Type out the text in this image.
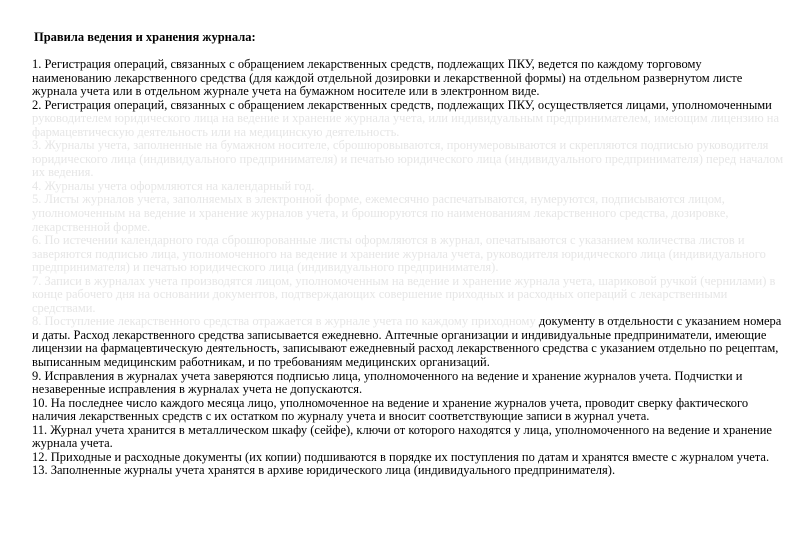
Правила ведения и хранения журнала:

1. Регистрация операций, связанных с обращением лекарственных средств, подлежащих ПКУ, ведется по каждому торговому наименованию лекарственного средства (для каждой отдельной дозировки и лекарственной формы) на отдельном развернутом листе журнала учета или в отдельном журнале учета на бумажном носителе или в электронном виде.

2. Регистрация операций, связанных с обращением лекарственных средств, подлежащих ПКУ, осуществляется лицами, уполномоченными руководителем юридического лица на ведение и хранение журнала учета, или индивидуальным предпринимателем, имеющим лицензию на фармацевтическую деятельность или на медицинскую деятельность.

3. Журналы учета, заполненные на бумажном носителе, сброшюровываются, пронумеровываются и скрепляются подписью руководителя юридического лица (индивидуального предпринимателя) и печатью юридического лица (индивидуального предпринимателя) перед началом их ведения.

4. Журналы учета оформляются на календарный год.

5. Листы журналов учета, заполняемых в электронной форме, ежемесячно распечатываются, нумеруются, подписываются лицом, уполномоченным на ведение и хранение журналов учета, и брошюруются по наименованиям лекарственного средства, дозировке, лекарственной форме.

6. По истечении календарного года сброшюрованные листы оформляются в журнал, опечатываются с указанием количества листов и заверяются подписью лица, уполномоченного на ведение и хранение журнала учета, руководителя юридического лица (индивидуального предпринимателя) и печатью юридического лица (индивидуального предпринимателя).

7. Записи в журналах учета производятся лицом, уполномоченным на ведение и хранение журнала учета, шариковой ручкой (чернилами) в конце рабочего дня на основании документов, подтверждающих совершение приходных и расходных операций с лекарственными средствами.

8. Поступление лекарственного средства отражается в журнале учета по каждому приходному документу в отдельности с указанием номера и даты. Расход лекарственного средства записывается ежедневно. Аптечные организации и индивидуальные предприниматели, имеющие лицензии на фармацевтическую деятельность, записывают ежедневный расход лекарственного средства с указанием отдельно по рецептам, выписанным медицинским работникам, и по требованиям медицинских организаций.

9. Исправления в журналах учета заверяются подписью лица, уполномоченного на ведение и хранение журналов учета. Подчистки и незаверенные исправления в журналах учета не допускаются.

10. На последнее число каждого месяца лицо, уполномоченное на ведение и хранение журналов учета, проводит сверку фактического наличия лекарственных средств с их остатком по журналу учета и вносит соответствующие записи в журнал учета.

11. Журнал учета хранится в металлическом шкафу (сейфе), ключи от которого находятся у лица, уполномоченного на ведение и хранение журнала учета.

12. Приходные и расходные документы (их копии) подшиваются в порядке их поступления по датам и хранятся вместе с журналом учета.

13. Заполненные журналы учета хранятся в архиве юридического лица (индивидуального предпринимателя).
